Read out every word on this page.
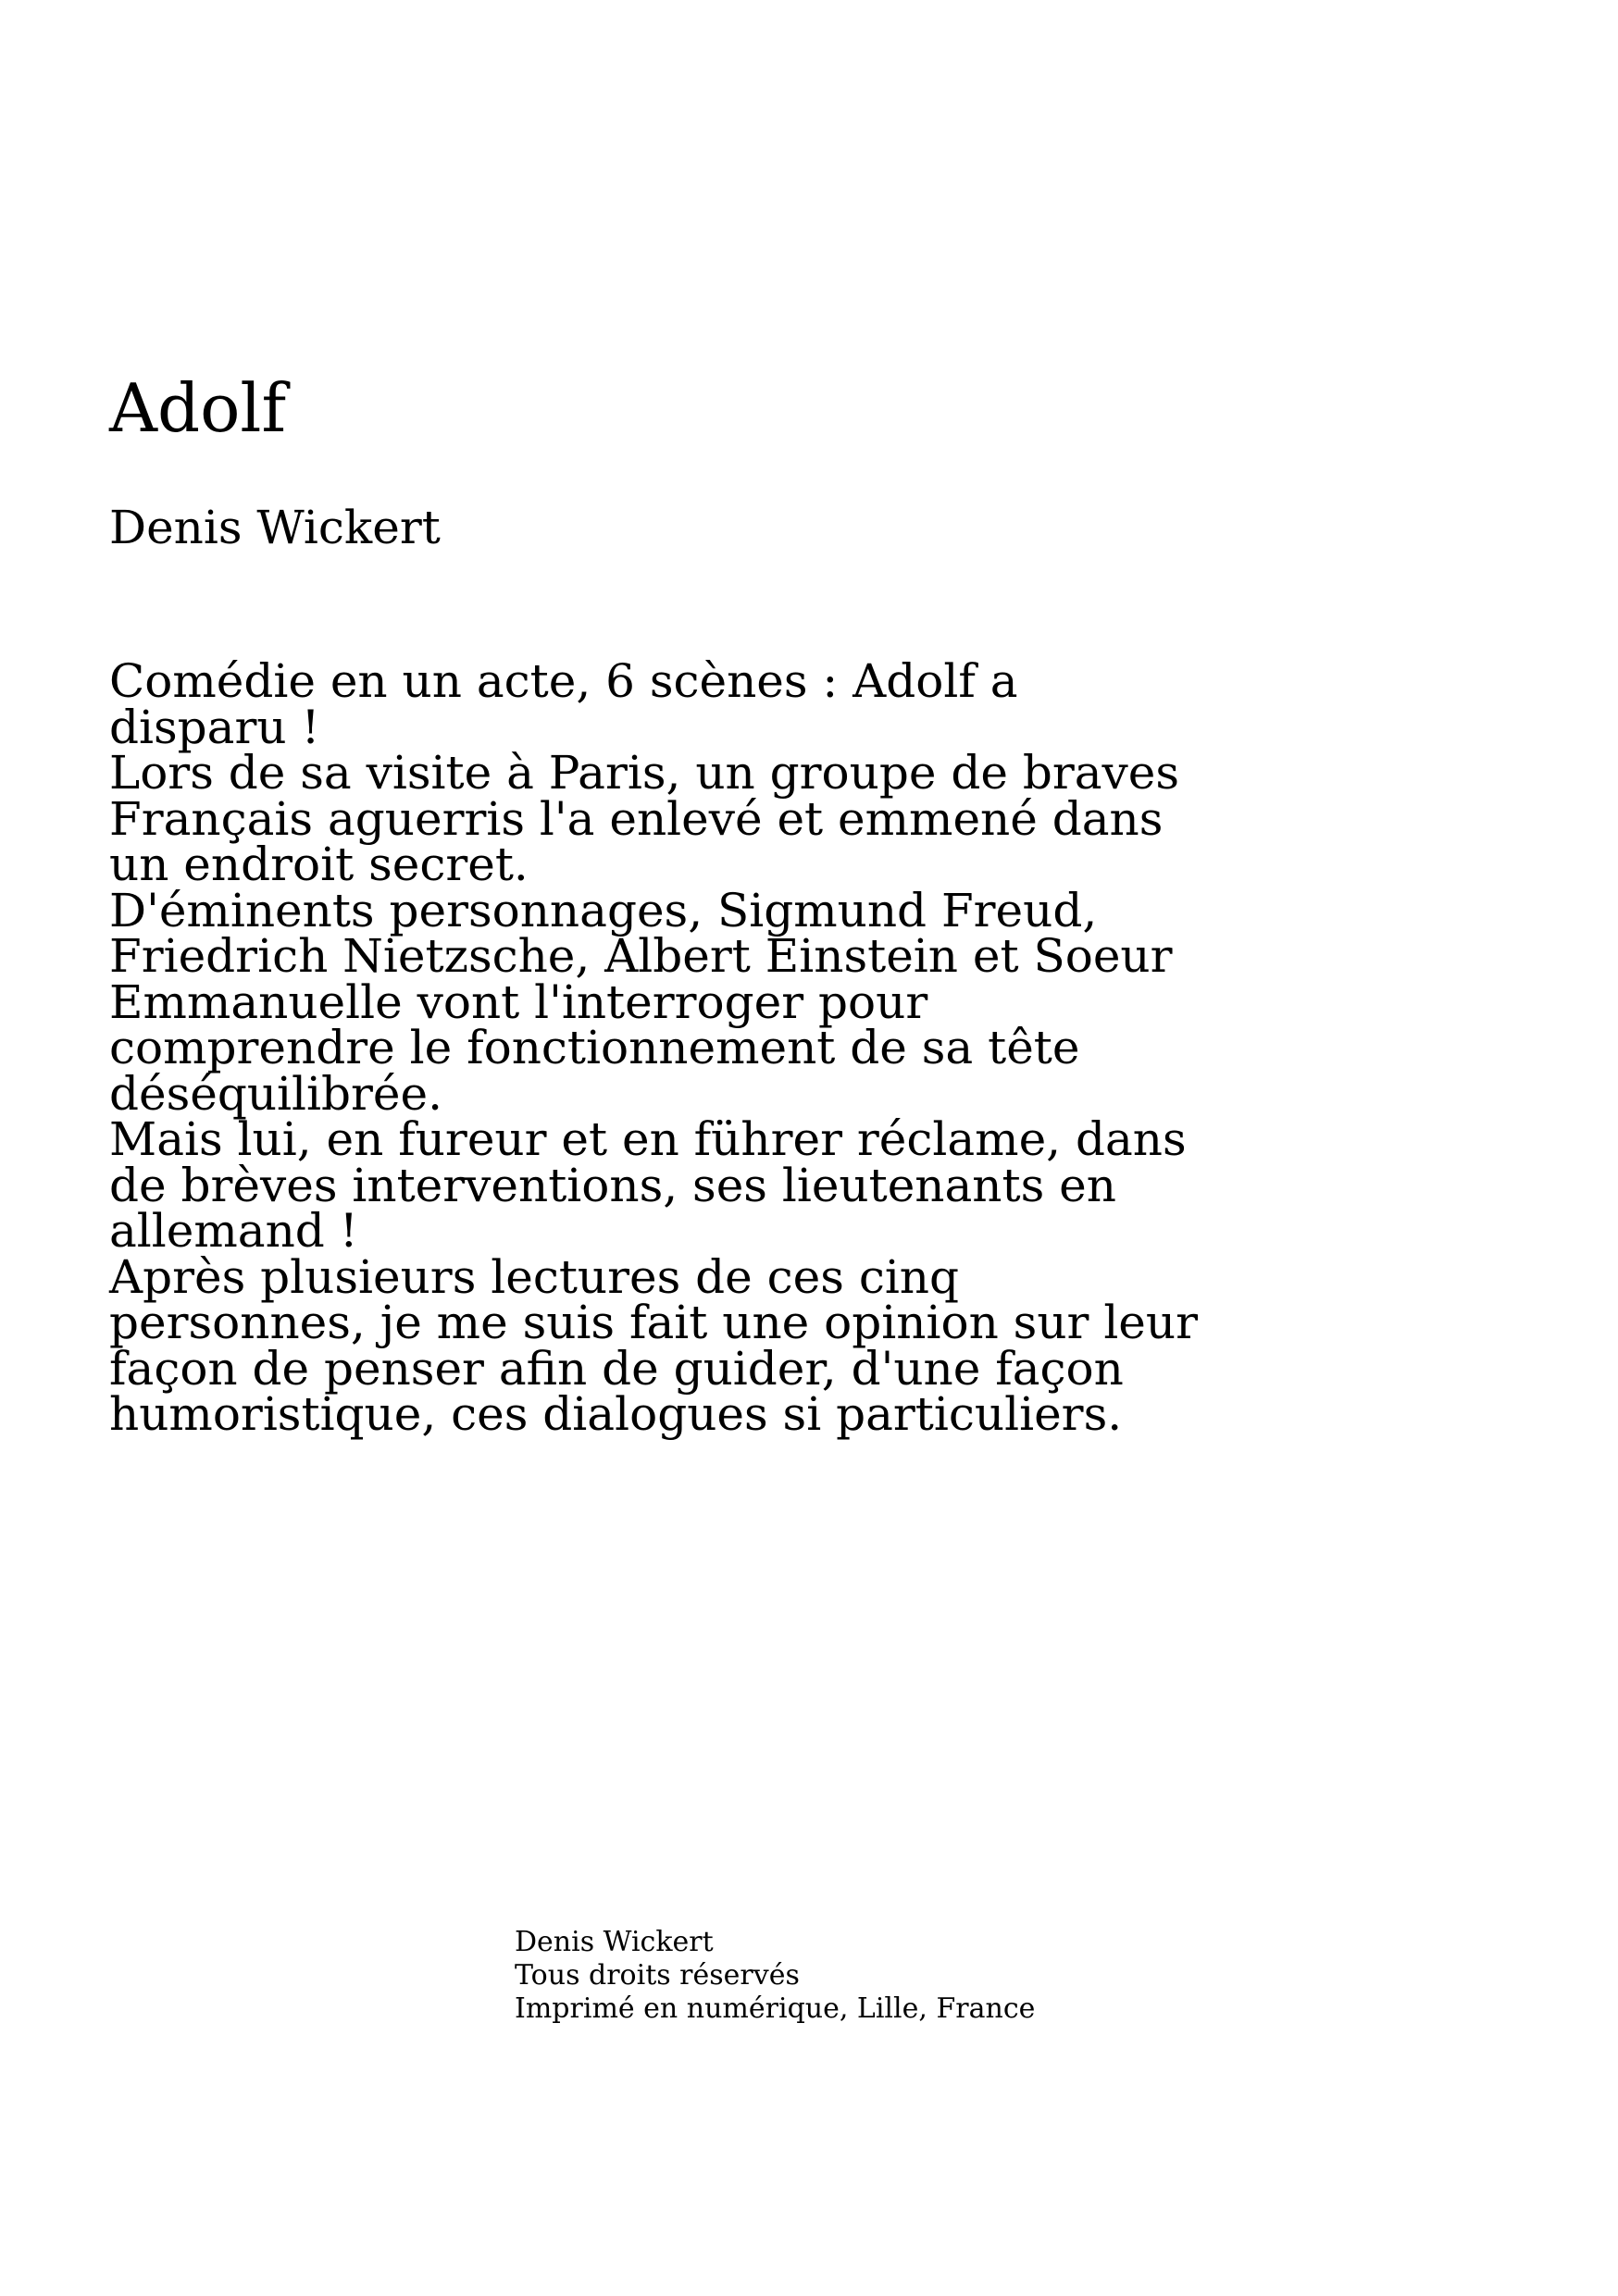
Adolf
Denis Wickert
Comédie en un acte, 6 scènes : Adolf a
disparu !
Lors de sa visite à Paris, un groupe de braves
Français aguerris l'a enlevé et emmené dans
un endroit secret.
D'éminents personnages, Sigmund Freud,
Friedrich Nietzsche, Albert Einstein et Soeur
Emmanuelle vont l'interroger pour
comprendre le fonctionnement de sa tête
déséquilibrée.
Mais lui, en fureur et en führer réclame, dans
de brèves interventions, ses lieutenants en
allemand !
Après plusieurs lectures de ces cinq
personnes, je me suis fait une opinion sur leur
façon de penser afin de guider, d'une façon
humoristique, ces dialogues si particuliers.
Denis Wickert
Tous droits réservés
Imprimé en numérique, Lille, France
